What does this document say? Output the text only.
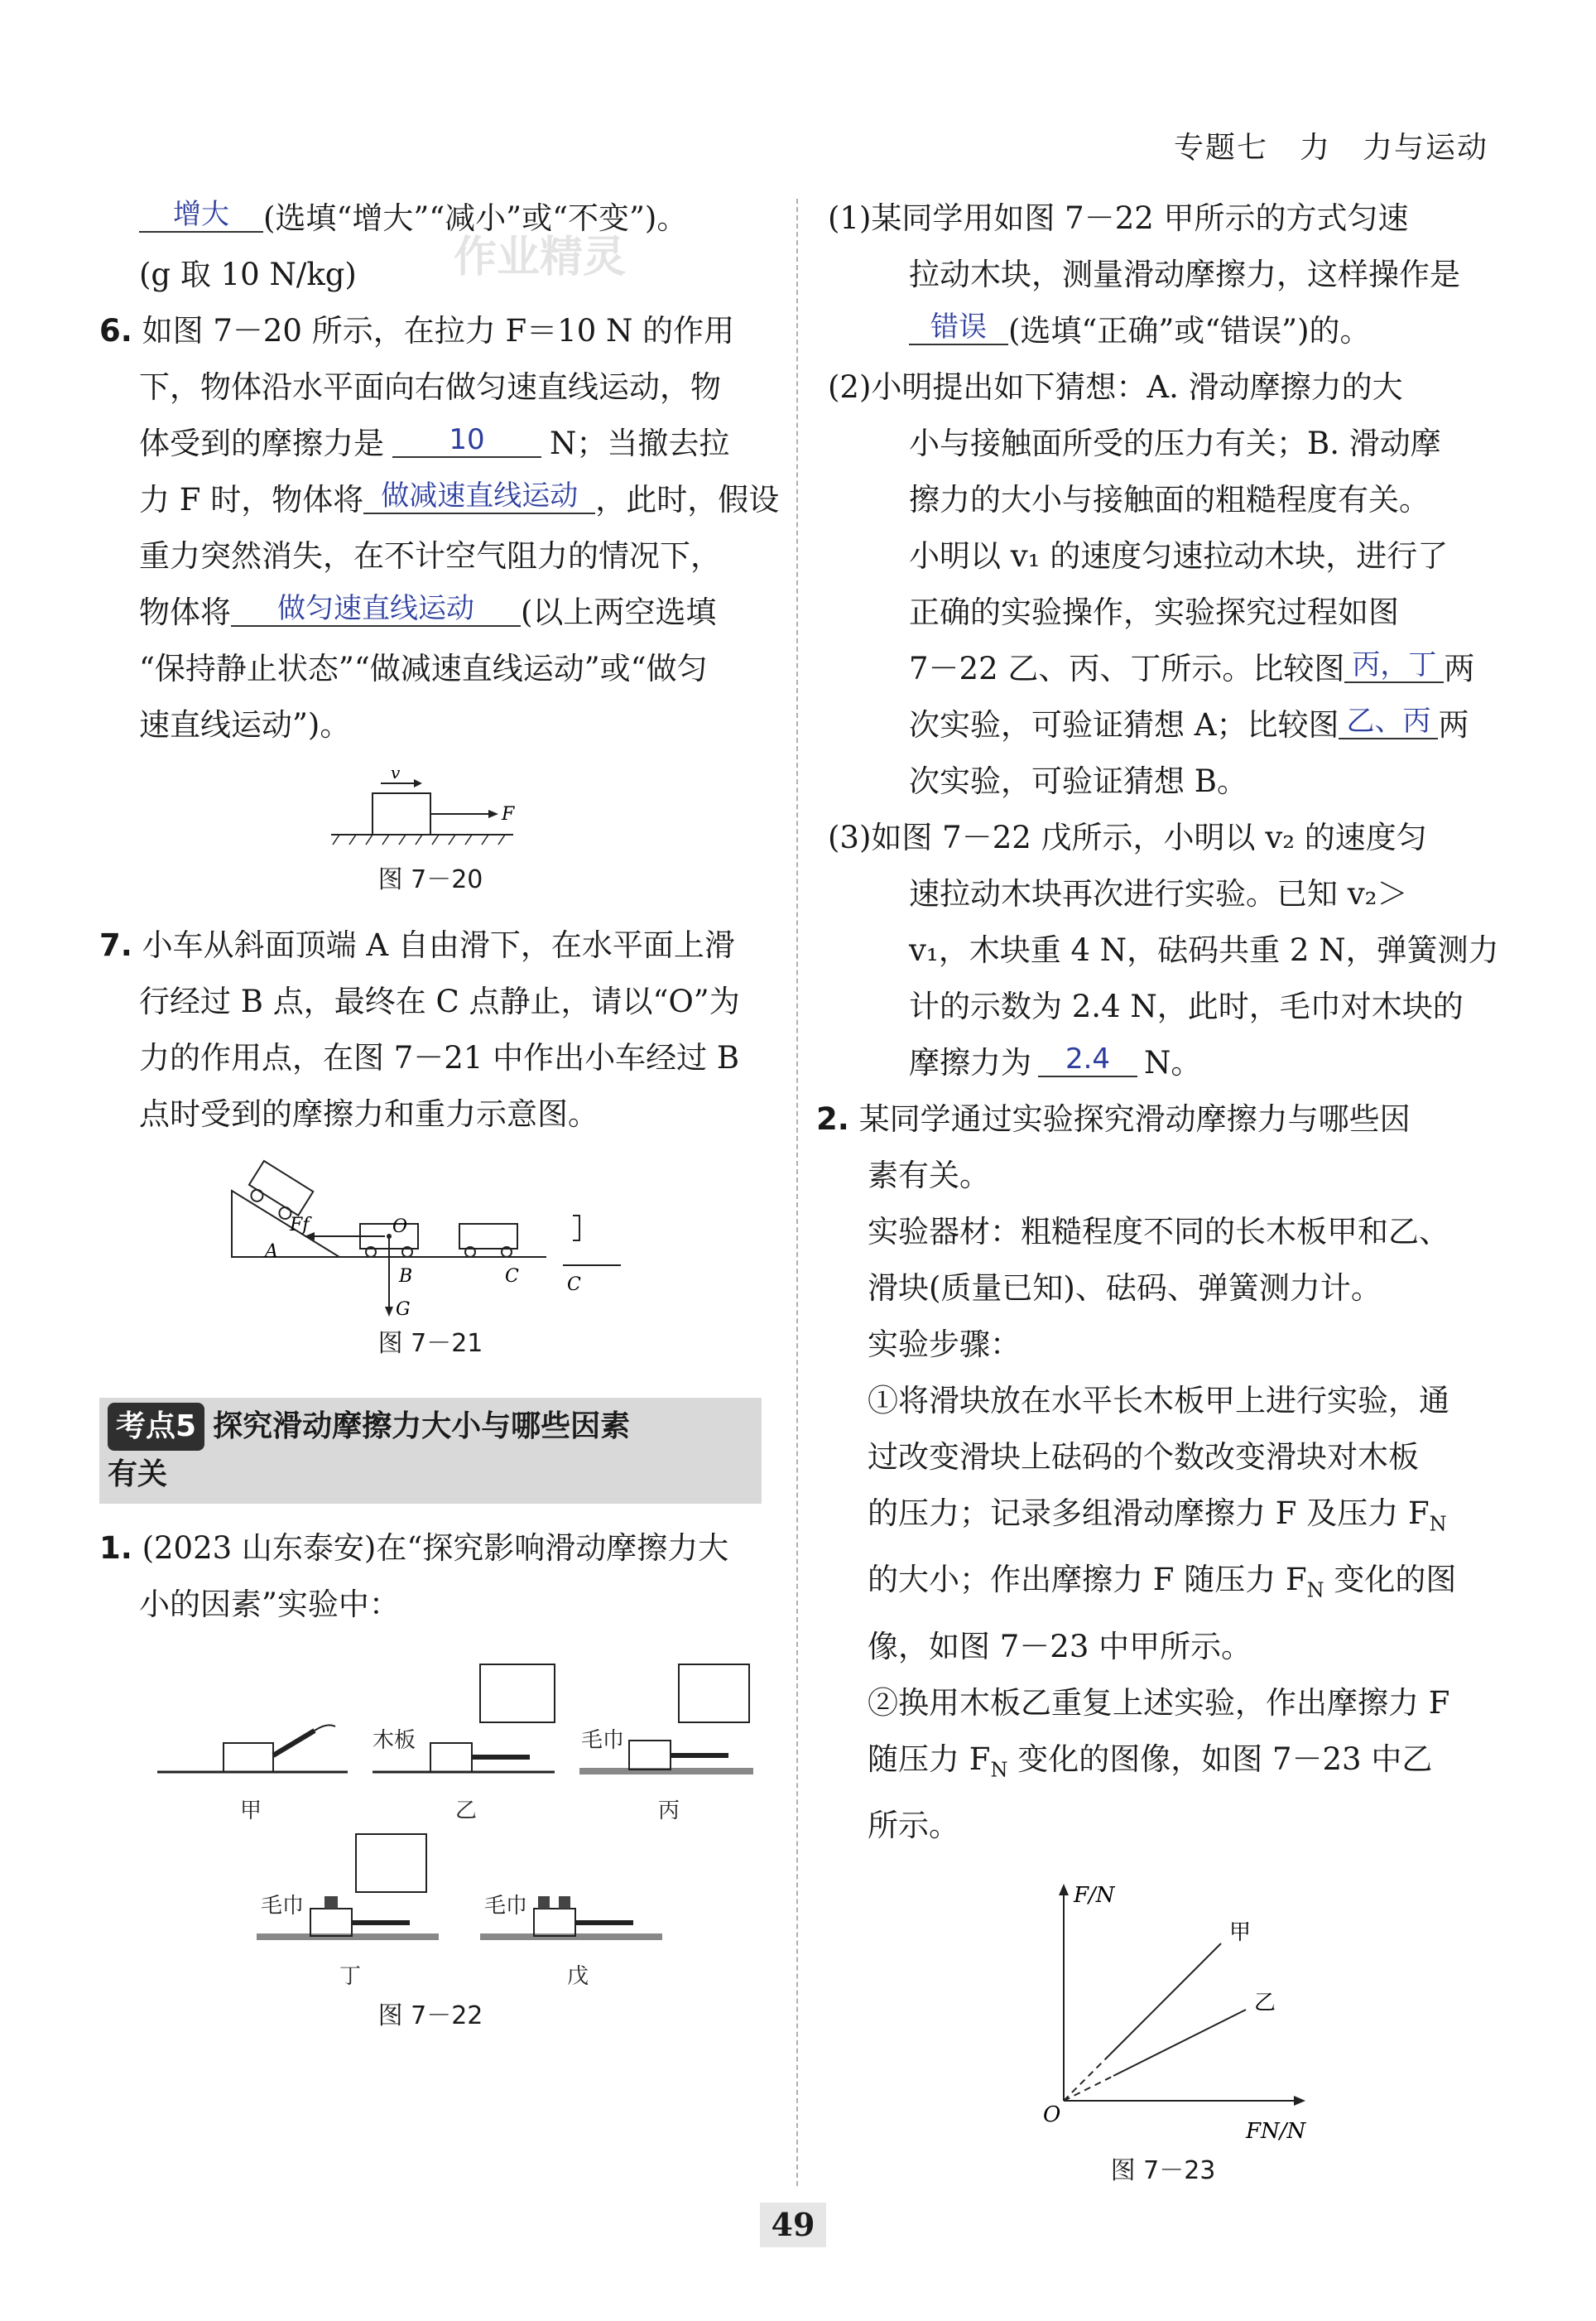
专题七　力　力与运动
作业精灵
增大 (选填“增大”“减小”或“不变”)。
(g 取 10 N/kg)
6. 如图 7－20 所示，在拉力 F＝10 N 的作用
下，物体沿水平面向右做匀速直线运动，物
体受到的摩擦力是 10 N；当撤去拉
力 F 时，物体将 做减速直线运动 ，此时，假设
重力突然消失，在不计空气阻力的情况下，
物体将 做匀速直线运动 (以上两空选填
“保持静止状态”“做减速直线运动”或“做匀
速直线运动”)。
v
F
图 7－20
7. 小车从斜面顶端 A 自由滑下，在水平面上滑
行经过 B 点，最终在 C 点静止，请以“O”为
力的作用点，在图 7－21 中作出小车经过 B
点时受到的摩擦力和重力示意图。
A
Ff	O
G
B	C	C
图 7－21
考点5 探究滑动摩擦力大小与哪些因素
有关
1. (2023 山东泰安)在“探究影响滑动摩擦力大
小的因素”实验中：
甲
木板
乙
毛巾
丙
毛巾
丁
毛巾
戊
图 7－22
(1)某同学用如图 7－22 甲所示的方式匀速
拉动木块，测量滑动摩擦力，这样操作是
错误 (选填“正确”或“错误”)的。
(2)小明提出如下猜想：A. 滑动摩擦力的大
小与接触面所受的压力有关；B. 滑动摩
擦力的大小与接触面的粗糙程度有关。
小明以 v₁ 的速度匀速拉动木块，进行了
正确的实验操作，实验探究过程如图
7－22 乙、丙、丁所示。比较图 丙，丁 两
次实验，可验证猜想 A；比较图 乙、丙 两
次实验，可验证猜想 B。
(3)如图 7－22 戊所示，小明以 v₂ 的速度匀
速拉动木块再次进行实验。已知 v₂＞
v₁，木块重 4 N，砝码共重 2 N，弹簧测力
计的示数为 2.4 N，此时，毛巾对木块的
摩擦力为 2.4 N。
2. 某同学通过实验探究滑动摩擦力与哪些因
素有关。
实验器材：粗糙程度不同的长木板甲和乙、
滑块(质量已知)、砝码、弹簧测力计。
实验步骤：
①将滑块放在水平长木板甲上进行实验，通
过改变滑块上砝码的个数改变滑块对木板
的压力；记录多组滑动摩擦力 F 及压力 $F_N$
的大小；作出摩擦力 F 随压力 $F_N$ 变化的图
像，如图 7－23 中甲所示。
②换用木板乙重复上述实验，作出摩擦力 F
随压力 $F_N$ 变化的图像，如图 7－23 中乙
所示。
F/N
FN/N
O
甲
乙
图 7－23
49
